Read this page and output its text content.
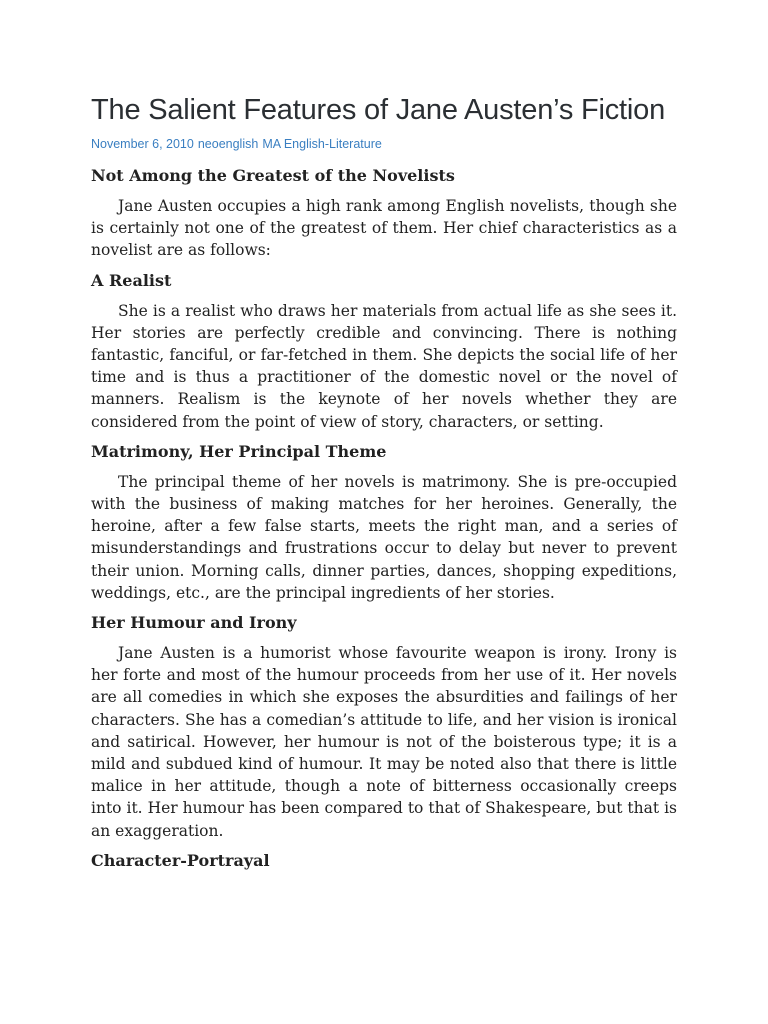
The Salient Features of Jane Austen’s Fiction
November 6, 2010 neoenglish MA English-Literature
Not Among the Greatest of the Novelists

Jane Austen occupies a high rank among English novelists, though she is certainly not one of the greatest of them. Her chief characteristics as a novelist are as follows:

A Realist

She is a realist who draws her materials from actual life as she sees it. Her stories are perfectly credible and convincing. There is nothing fantastic, fanciful, or far-fetched in them. She depicts the social life of her time and is thus a practitioner of the domestic novel or the novel of manners. Realism is the keynote of her novels whether they are considered from the point of view of story, characters, or setting.

Matrimony, Her Principal Theme

The principal theme of her novels is matrimony. She is pre-occupied with the business of making matches for her heroines. Generally, the heroine, after a few false starts, meets the right man, and a series of misunderstandings and frustrations occur to delay but never to prevent their union. Morning calls, dinner parties, dances, shopping expeditions, weddings, etc., are the principal ingredients of her stories.

Her Humour and Irony

Jane Austen is a humorist whose favourite weapon is irony. Irony is her forte and most of the humour proceeds from her use of it. Her novels are all comedies in which she exposes the absurdities and failings of her characters. She has a comedian’s attitude to life, and her vision is ironical and satirical. However, her humour is not of the boisterous type; it is a mild and subdued kind of humour. It may be noted also that there is little malice in her attitude, though a note of bitterness occasionally creeps into it. Her humour has been compared to that of Shakespeare, but that is an exaggeration.

Character-Portrayal
